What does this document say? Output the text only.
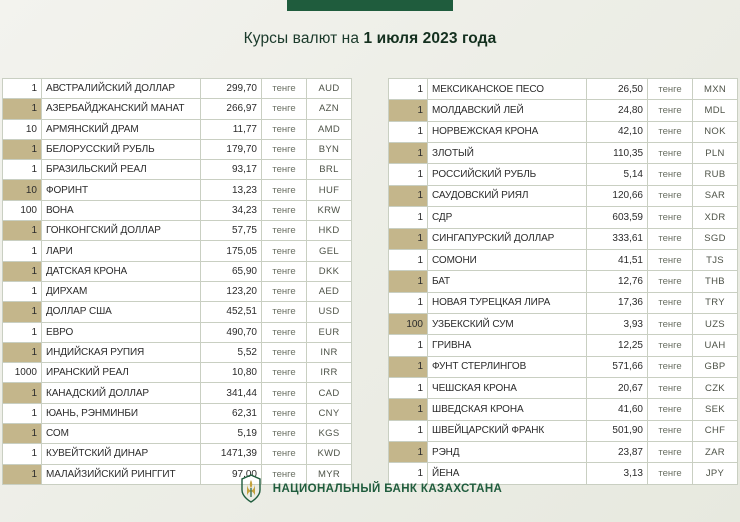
Курсы валют на 1 июля 2023 года
1	АВСТРАЛИЙСКИЙ ДОЛЛАР	299,70	тенге	AUD
1	АЗЕРБАЙДЖАНСКИЙ МАНАТ	266,97	тенге	AZN
10	АРМЯНСКИЙ ДРАМ	11,77	тенге	AMD
1	БЕЛОРУССКИЙ РУБЛЬ	179,70	тенге	BYN
1	БРАЗИЛЬСКИЙ РЕАЛ	93,17	тенге	BRL
10	ФОРИНТ	13,23	тенге	HUF
100	ВОНА	34,23	тенге	KRW
1	ГОНКОНГСКИЙ ДОЛЛАР	57,75	тенге	HKD
1	ЛАРИ	175,05	тенге	GEL
1	ДАТСКАЯ КРОНА	65,90	тенге	DKK
1	ДИРХАМ	123,20	тенге	AED
1	ДОЛЛАР США	452,51	тенге	USD
1	ЕВРО	490,70	тенге	EUR
1	ИНДИЙСКАЯ РУПИЯ	5,52	тенге	INR
1000	ИРАНСКИЙ РЕАЛ	10,80	тенге	IRR
1	КАНАДСКИЙ ДОЛЛАР	341,44	тенге	CAD
1	ЮАНЬ, РЭНМИНБИ	62,31	тенге	CNY
1	СОМ	5,19	тенге	KGS
1	КУВЕЙТСКИЙ ДИНАР	1471,39	тенге	KWD
1	МАЛАЙЗИЙСКИЙ РИНГГИТ	97,00	тенге	MYR
1	МЕКСИКАНСКОЕ ПЕСО	26,50	тенге	MXN
1	МОЛДАВСКИЙ ЛЕЙ	24,80	тенге	MDL
1	НОРВЕЖСКАЯ КРОНА	42,10	тенге	NOK
1	ЗЛОТЫЙ	110,35	тенге	PLN
1	РОССИЙСКИЙ РУБЛЬ	5,14	тенге	RUB
1	САУДОВСКИЙ РИЯЛ	120,66	тенге	SAR
1	СДР	603,59	тенге	XDR
1	СИНГАПУРСКИЙ ДОЛЛАР	333,61	тенге	SGD
1	СОМОНИ	41,51	тенге	TJS
1	БАТ	12,76	тенге	THB
1	НОВАЯ ТУРЕЦКАЯ ЛИРА	17,36	тенге	TRY
100	УЗБЕКСКИЙ СУМ	3,93	тенге	UZS
1	ГРИВНА	12,25	тенге	UAH
1	ФУНТ СТЕРЛИНГОВ	571,66	тенге	GBP
1	ЧЕШСКАЯ КРОНА	20,67	тенге	CZK
1	ШВЕДСКАЯ КРОНА	41,60	тенге	SEK
1	ШВЕЙЦАРСКИЙ ФРАНК	501,90	тенге	CHF
1	РЭНД	23,87	тенге	ZAR
1	ЙЕНА	3,13	тенге	JPY
НАЦИОНАЛЬНЫЙ БАНК КАЗАХСТАНА
